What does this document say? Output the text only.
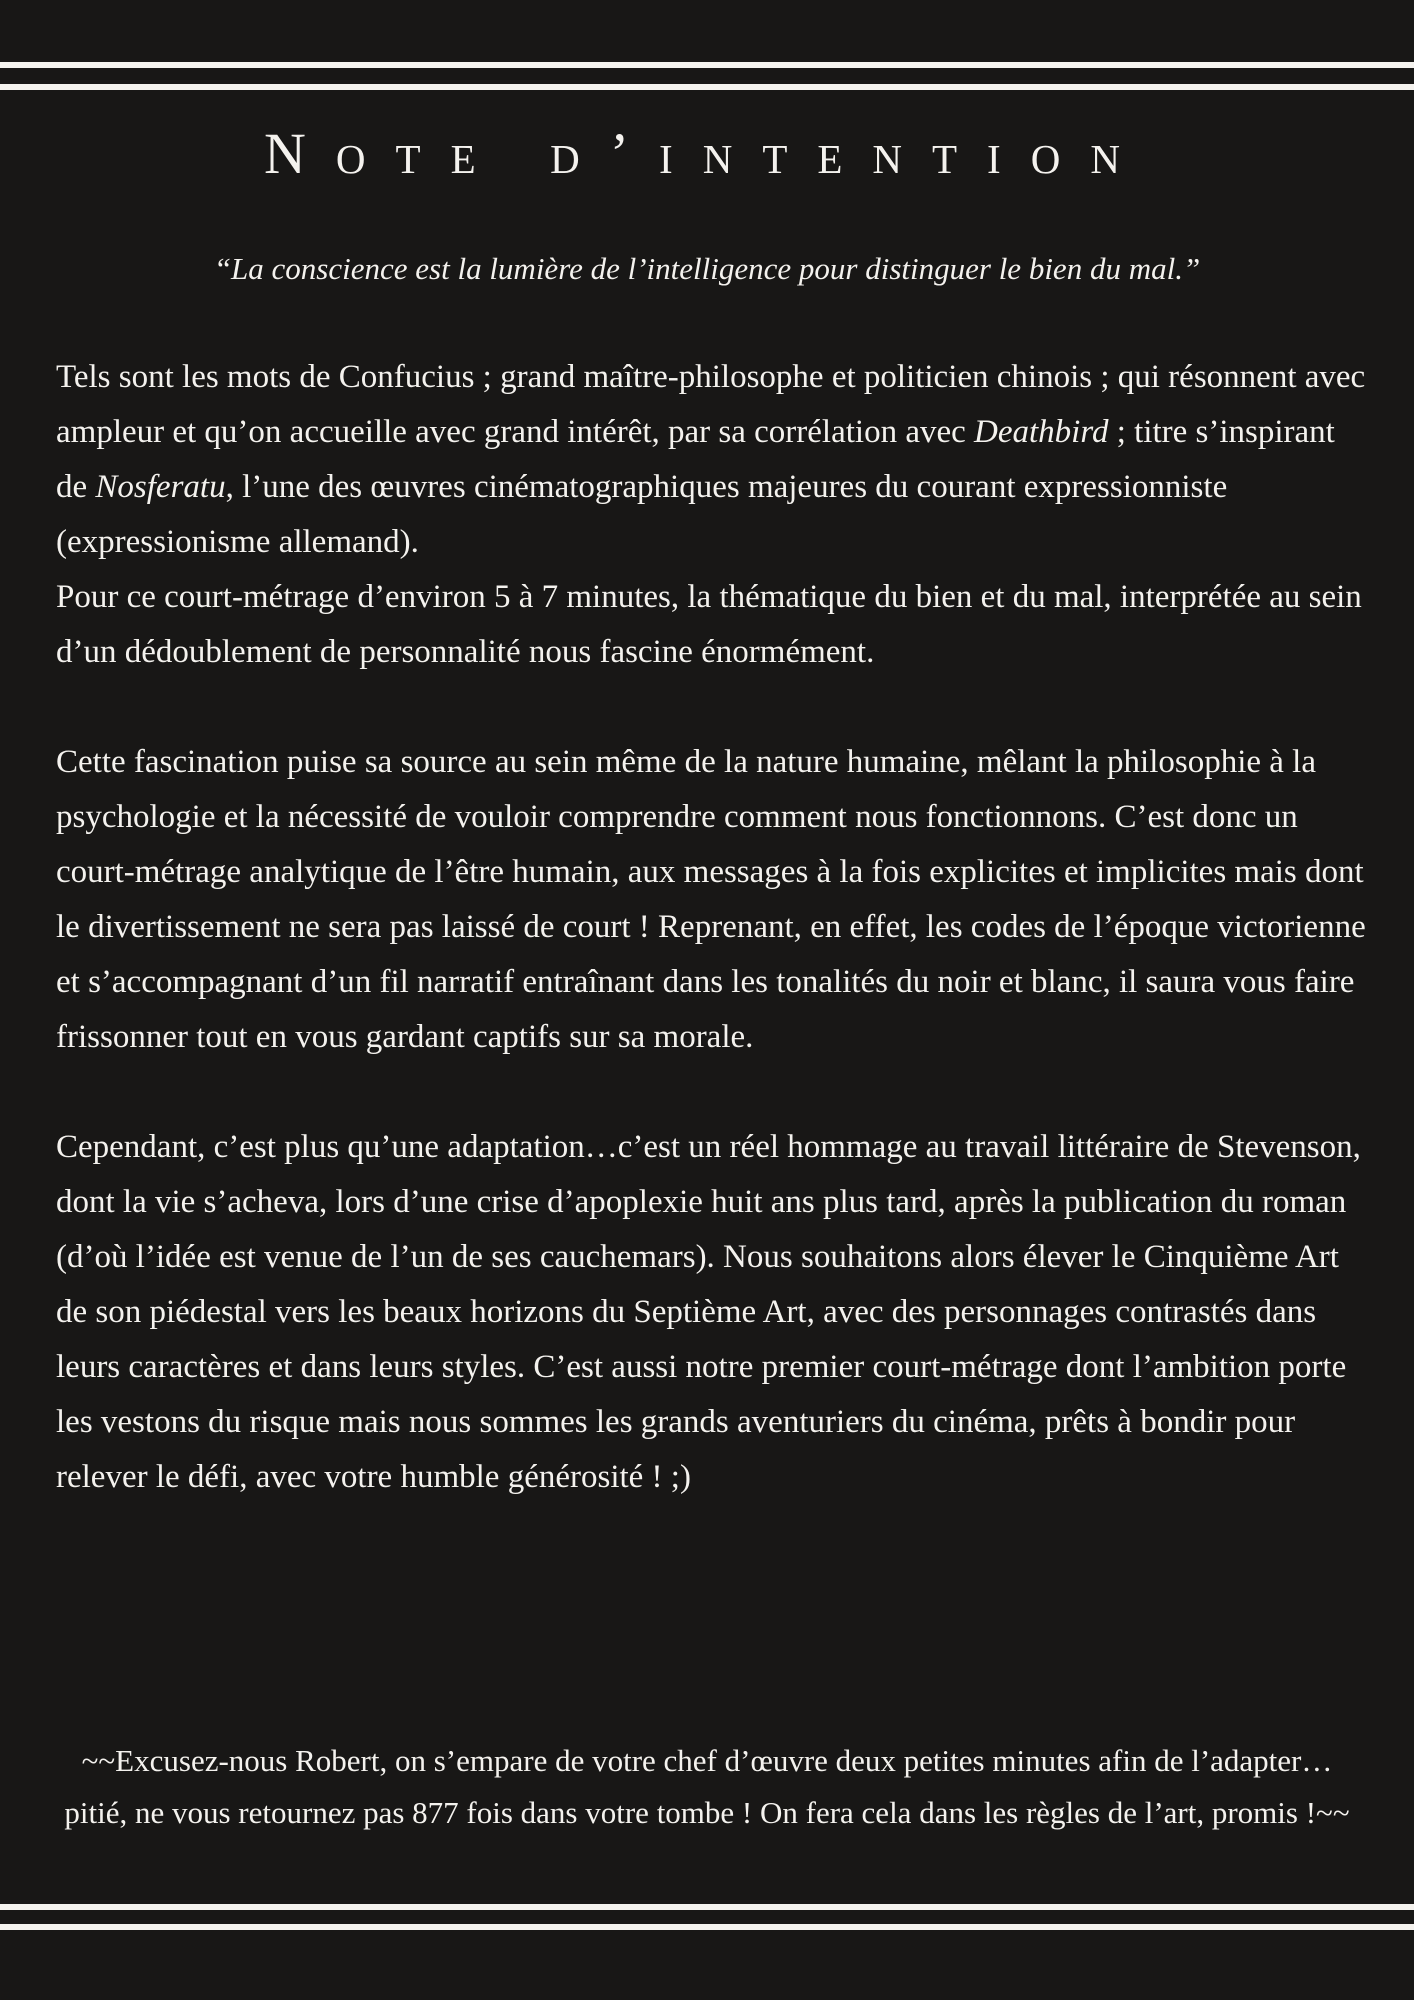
Note d’intention

“La conscience est la lumière de l’intelligence pour distinguer le bien du mal.”

Tels sont les mots de Confucius ; grand maître-philosophe et politicien chinois ; qui résonnent avec ampleur et qu’on accueille avec grand intérêt, par sa corrélation avec Deathbird ; titre s’inspirant de Nosferatu, l’une des œuvres cinématographiques majeures du courant expressionniste (expressionisme allemand).

Pour ce court-métrage d’environ 5 à 7 minutes, la thématique du bien et du mal, interprétée au sein d’un dédoublement de personnalité nous fascine énormément.

Cette fascination puise sa source au sein même de la nature humaine, mêlant la philosophie à la psychologie et la nécessité de vouloir comprendre comment nous fonctionnons. C’est donc un court-métrage analytique de l’être humain, aux messages à la fois explicites et implicites mais dont le divertissement ne sera pas laissé de court ! Reprenant, en effet, les codes de l’époque victorienne et s’accompagnant d’un fil narratif entraînant dans les tonalités du noir et blanc, il saura vous faire frissonner tout en vous gardant captifs sur sa morale.

Cependant, c’est plus qu’une adaptation…c’est un réel hommage au travail littéraire de Stevenson, dont la vie s’acheva, lors d’une crise d’apoplexie huit ans plus tard, après la publication du roman (d’où l’idée est venue de l’un de ses cauchemars). Nous souhaitons alors élever le Cinquième Art de son piédestal vers les beaux horizons du Septième Art, avec des personnages contrastés dans leurs caractères et dans leurs styles. C’est aussi notre premier court-métrage dont l’ambition porte les vestons du risque mais nous sommes les grands aventuriers du cinéma, prêts à bondir pour relever le défi, avec votre humble générosité ! ;)

~~Excusez-nous Robert, on s’empare de votre chef d’œuvre deux petites minutes afin de l’adapter…pitié, ne vous retournez pas 877 fois dans votre tombe ! On fera cela dans les règles de l’art, promis !~~
